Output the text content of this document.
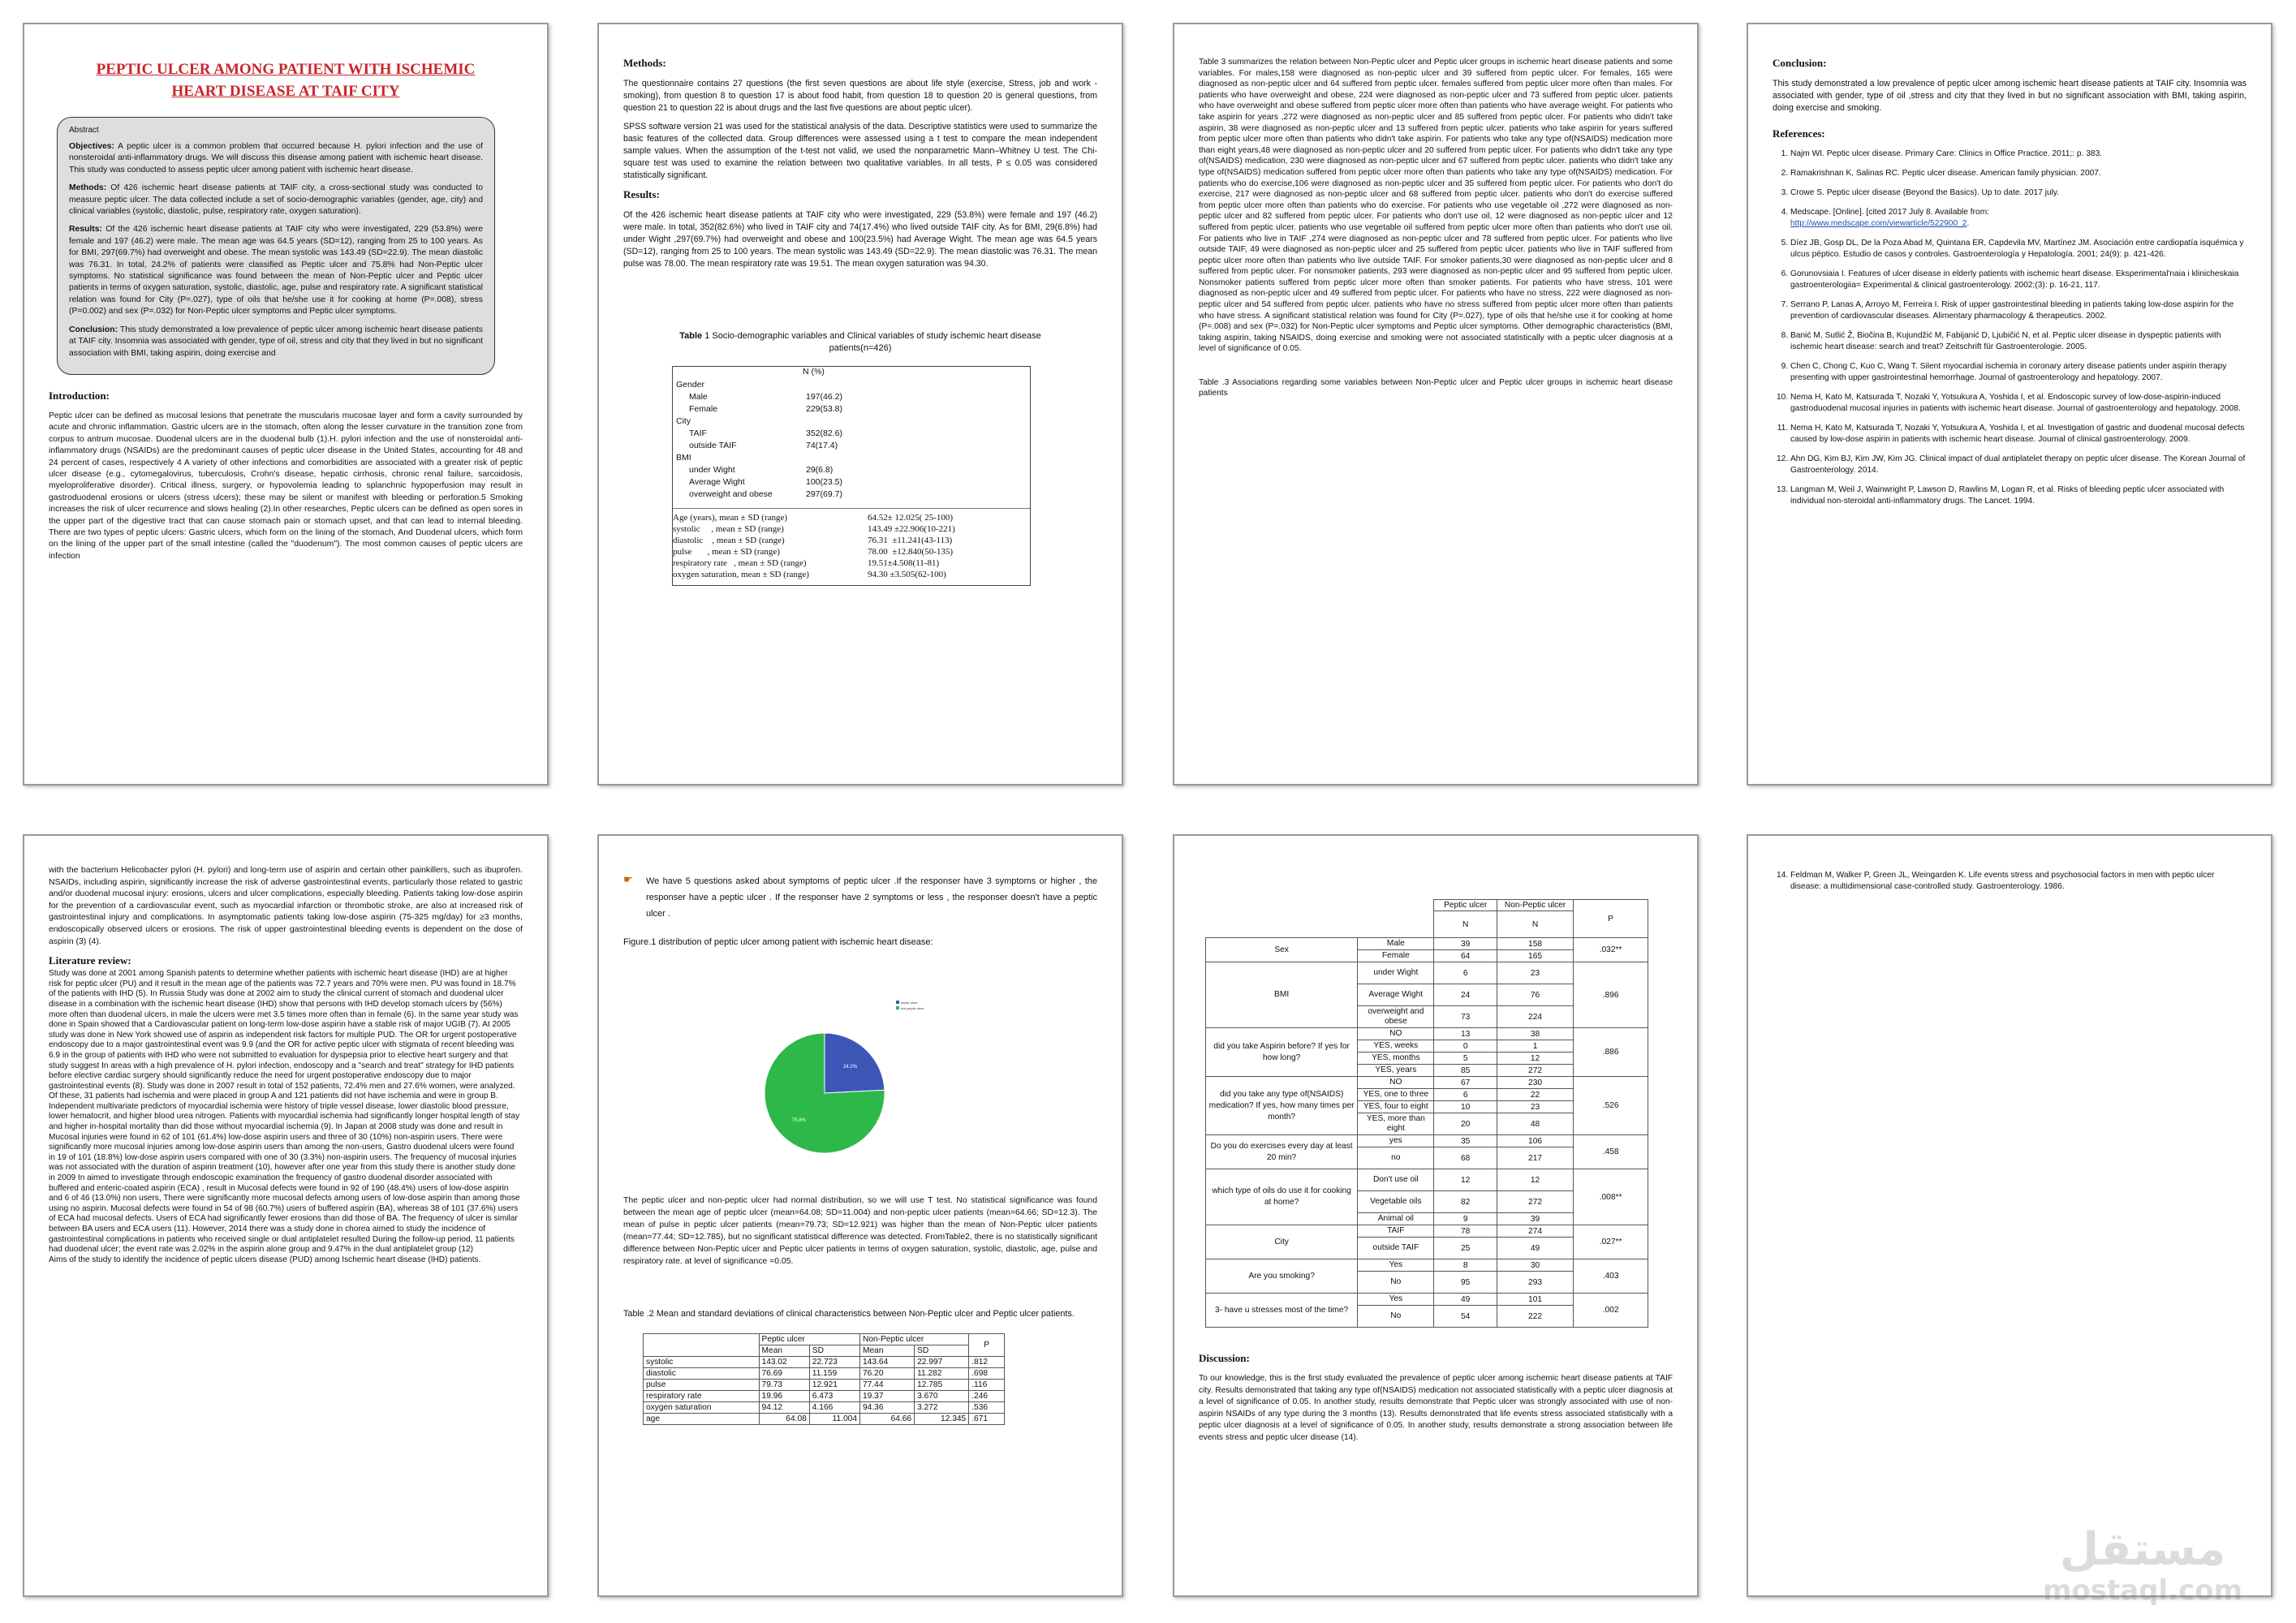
PEPTIC ULCER AMONG PATIENT WITH ISCHEMIC
HEART DISEASE AT TAIF CITY
Abstract

Objectives: A peptic ulcer is a common problem that occurred because H. pylori infection and the use of nonsteroidal anti-inflammatory drugs. We will discuss this disease among patient with ischemic heart disease. This study was conducted to assess peptic ulcer among patient with ischemic heart disease.

Methods: Of 426 ischemic heart disease patients at TAIF city, a cross-sectional study was conducted to measure peptic ulcer. The data collected include a set of socio-demographic variables (gender, age, city) and clinical variables (systolic, diastolic, pulse, respiratory rate, oxygen saturation).

Results: Of the 426 ischemic heart disease patients at TAIF city who were investigated, 229 (53.8%) were female and 197 (46.2) were male. The mean age was 64.5 years (SD=12), ranging from 25 to 100 years. As for BMI, 297(69.7%) had overweight and obese. The mean systolic was 143.49 (SD=22.9). The mean diastolic was 76.31. In total, 24.2% of patients were classified as Peptic ulcer and 75.8% had Non-Peptic ulcer symptoms. No statistical significance was found between the mean of Non-Peptic ulcer and Peptic ulcer patients in terms of oxygen saturation, systolic, diastolic, age, pulse and respiratory rate. A significant statistical relation was found for City (P=.027), type of oils that he/she use it for cooking at home (P=.008), stress (P=0.002) and sex (P=.032) for Non-Peptic ulcer symptoms and Peptic ulcer symptoms.

Conclusion: This study demonstrated a low prevalence of peptic ulcer among ischemic heart disease patients at TAIF city. Insomnia was associated with gender, type of oil, stress and city that they lived in but no significant association with BMI, taking aspirin, doing exercise and

Introduction:

Peptic ulcer can be defined as mucosal lesions that penetrate the muscularis mucosae layer and form a cavity surrounded by acute and chronic inflammation. Gastric ulcers are in the stomach, often along the lesser curvature in the transition zone from corpus to antrum mucosae. Duodenal ulcers are in the duodenal bulb (1).H. pylori infection and the use of nonsteroidal anti-inflammatory drugs (NSAIDs) are the predominant causes of peptic ulcer disease in the United States, accounting for 48 and 24 percent of cases, respectively 4 A variety of other infections and comorbidities are associated with a greater risk of peptic ulcer disease (e.g., cytomegalovirus, tuberculosis, Crohn's disease, hepatic cirrhosis, chronic renal failure, sarcoidosis, myeloproliferative disorder). Critical illness, surgery, or hypovolemia leading to splanchnic hypoperfusion may result in gastroduodenal erosions or ulcers (stress ulcers); these may be silent or manifest with bleeding or perforation.5 Smoking increases the risk of ulcer recurrence and slows healing (2).In other researches, Peptic ulcers can be defined as open sores in the upper part of the digestive tract that can cause stomach pain or stomach upset, and that can lead to internal bleeding. There are two types of peptic ulcers: Gastric ulcers, which form on the lining of the stomach, And Duodenal ulcers, which form on the lining of the upper part of the small intestine (called the "duodenum"). The most common causes of peptic ulcers are infection

Methods:

The questionnaire contains 27 questions (the first seven questions are about life style (exercise, Stress, job and work -smoking), from question 8 to question 17 is about food habit, from question 18 to question 20 is general questions, from question 21 to question 22 is about drugs and the last five questions are about peptic ulcer).

SPSS software version 21 was used for the statistical analysis of the data. Descriptive statistics were used to summarize the basic features of the collected data. Group differences were assessed using a t test to compare the mean independent sample values. When the assumption of the t-test not valid, we used the nonparametric Mann–Whitney U test. The Chi-square test was used to examine the relation between two qualitative variables. In all tests, P ≤ 0.05 was considered statistically significant.

Results:

Of the 426 ischemic heart disease patients at TAIF city who were investigated, 229 (53.8%) were female and 197 (46.2) were male. In total, 352(82.6%) who lived in TAIF city and 74(17.4%) who lived outside TAIF city. As for BMI, 29(6.8%) had under Wight ,297(69.7%) had overweight and obese and 100(23.5%) had Average Wight. The mean age was 64.5 years (SD=12), ranging from 25 to 100 years. The mean systolic was 143.49 (SD=22.9). The mean diastolic was 76.31. The mean pulse was 78.00. The mean respiratory rate was 19.51. The mean oxygen saturation was 94.30.

Table 1 Socio-demographic variables and Clinical variables of study ischemic heart disease patients(n=426)

N (%)
Gender
Male	197(46.2)
Female	229(53.8)
City
TAIF	352(82.6)
outside TAIF	74(17.4)
BMI
under Wight	29(6.8)
Average Wight	100(23.5)
overweight and obese	297(69.7)
Age (years), mean ± SD (range)	64.52± 12.025( 25-100)
systolic     , mean ± SD (range)	143.49 ±22.906(10-221)
diastolic    , mean ± SD (range)	76.31  ±11.241(43-113)
pulse       , mean ± SD (range)	78.00  ±12.840(50-135)
respiratory rate   , mean ± SD (range)	19.51±4.508(11-81)
oxygen saturation, mean ± SD (range)	94.30 ±3.505(62-100)

Table 3 summarizes the relation between Non-Peptic ulcer and Peptic ulcer groups in ischemic heart disease patients and some variables. For males,158 were diagnosed as non-peptic ulcer and 39 suffered from peptic ulcer. For females, 165 were diagnosed as non-peptic ulcer and 64 suffered from peptic ulcer. females suffered from peptic ulcer more often than males. For patients who have overweight and obese, 224 were diagnosed as non-peptic ulcer and 73 suffered from peptic ulcer. patients who have overweight and obese suffered from peptic ulcer more often than patients who have average weight. For patients who take aspirin for years ,272 were diagnosed as non-peptic ulcer and 85 suffered from peptic ulcer. For patients who didn't take aspirin, 38 were diagnosed as non-peptic ulcer and 13 suffered from peptic ulcer. patients who take aspirin for years suffered from peptic ulcer more often than patients who didn't take aspirin. For patients who take any type of(NSAIDS) medication more than eight years,48 were diagnosed as non-peptic ulcer and 20 suffered from peptic ulcer. For patients who didn't take any type of(NSAIDS) medication, 230 were diagnosed as non-peptic ulcer and 67 suffered from peptic ulcer. patients who didn't take any type of(NSAIDS) medication suffered from peptic ulcer more often than patients who take any type of(NSAIDS) medication. For patients who do exercise,106 were diagnosed as non-peptic ulcer and 35 suffered from peptic ulcer. For patients who don't do exercise, 217 were diagnosed as non-peptic ulcer and 68 suffered from peptic ulcer. patients who don't do exercise suffered from peptic ulcer more often than patients who do exercise. For patients who use vegetable oil ,272 were diagnosed as non-peptic ulcer and 82 suffered from peptic ulcer. For patients who don't use oil, 12 were diagnosed as non-peptic ulcer and 12 suffered from peptic ulcer. patients who use vegetable oil suffered from peptic ulcer more often than patients who don't use oil. For patients who live in TAIF ,274 were diagnosed as non-peptic ulcer and 78 suffered from peptic ulcer. For patients who live outside TAIF, 49 were diagnosed as non-peptic ulcer and 25 suffered from peptic ulcer. patients who live in TAIF suffered from peptic ulcer more often than patients who live outside TAIF. For smoker patients,30 were diagnosed as non-peptic ulcer and 8 suffered from peptic ulcer. For nonsmoker patients, 293 were diagnosed as non-peptic ulcer and 95 suffered from peptic ulcer. Nonsmoker patients suffered from peptic ulcer more often than smoker patients. For patients who have stress, 101 were diagnosed as non-peptic ulcer and 49 suffered from peptic ulcer. For patients who have no stress, 222 were diagnosed as non-peptic ulcer and 54 suffered from peptic ulcer. patients who have no stress suffered from peptic ulcer more often than patients who have stress. A significant statistical relation was found for City (P=.027), type of oils that he/she use it for cooking at home (P=.008) and sex (P=.032) for Non-Peptic ulcer symptoms and Peptic ulcer symptoms. Other demographic characteristics (BMI, taking aspirin, taking NSAIDS, doing exercise and smoking were not associated statistically with a peptic ulcer diagnosis at a level of significance of 0.05.

Table .3 Associations regarding some variables between Non-Peptic ulcer and Peptic ulcer groups in ischemic heart disease patients

Conclusion:

This study demonstrated a low prevalence of peptic ulcer among ischemic heart disease patients at TAIF city. Insomnia was associated with gender, type of oil ,stress and city that they lived in but no significant association with BMI, taking aspirin, doing exercise and smoking.

References:
1. Najm WI. Peptic ulcer disease. Primary Care: Clinics in Office Practice. 2011;: p. 383.
2. Ramakrishnan K, Salinas RC. Peptic ulcer disease. American family physician. 2007.
3. Crowe S. Peptic ulcer disease (Beyond the Basics). Up to date. 2017 july.
4. Medscape. [Online]. [cited 2017 July 8. Available from:
http://www.medscape.com/viewarticle/522900_2.
5. Díez JB, Gosp DL, De la Poza Abad M, Quintana ER, Capdevila MV, Martínez JM. Asociación entre cardiopatía isquémica y ulcus péptico. Estudio de casos y controles. Gastroenterología y Hepatología. 2001; 24(9): p. 421-426.
6. Gorunovsiaia I. Features of ulcer disease in elderly patients with ischemic heart disease. Eksperimental'naia i klinicheskaia gastroenterologiia= Experimental & clinical gastroenterology. 2002;(3): p. 16-21, 117.
7. Serrano P, Lanas A, Arroyo M, Ferreira I. Risk of upper gastrointestinal bleeding in patients taking low-dose aspirin for the prevention of cardiovascular diseases. Alimentary pharmacology & therapeutics. 2002.
8. Banić M, Sutlić Ž, Biočina B, Kujundžić M, Fabijanić D, Ljubičić N, et al. Peptic ulcer disease in dyspeptic patients with ischemic heart disease: search and treat? Zeitschrift für Gastroenterologie. 2005.
9. Chen C, Chong C, Kuo C, Wang T. Silent myocardial ischemia in coronary artery disease patients under aspirin therapy presenting with upper gastrointestinal hemorrhage. Journal of gastroenterology and hepatology. 2007.
10. Nema H, Kato M, Katsurada T, Nozaki Y, Yotsukura A, Yoshida I, et al. Endoscopic survey of low-dose-aspirin-induced gastroduodenal mucosal injuries in patients with ischemic heart disease. Journal of gastroenterology and hepatology. 2008.
11. Nema H, Kato M, Katsurada T, Nozaki Y, Yotsukura A, Yoshida I, et al. Investigation of gastric and duodenal mucosal defects caused by low-dose aspirin in patients with ischemic heart disease. Journal of clinical gastroenterology. 2009.
12. Ahn DG, Kim BJ, Kim JW, Kim JG. Clinical impact of dual antiplatelet therapy on peptic ulcer disease. The Korean Journal of Gastroenterology. 2014.
13. Langman M, Weil J, Wainwright P, Lawson D, Rawlins M, Logan R, et al. Risks of bleeding peptic ulcer associated with individual non-steroidal anti-inflammatory drugs. The Lancet. 1994.

with the bacterium Helicobacter pylori (H. pylori) and long-term use of aspirin and certain other painkillers, such as ibuprofen. NSAIDs, including aspirin, significantly increase the risk of adverse gastrointestinal events, particularly those related to gastric and/or duodenal mucosal injury: erosions, ulcers and ulcer complications, especially bleeding. Patients taking low-dose aspirin for the prevention of a cardiovascular event, such as myocardial infarction or thrombotic stroke, are also at increased risk of gastrointestinal injury and complications. In asymptomatic patients taking low-dose aspirin (75-325 mg/day) for ≥3 months, endoscopically observed ulcers or erosions. The risk of upper gastrointestinal bleeding events is dependent on the dose of aspirin (3) (4).

Literature review:

Study was done at 2001 among Spanish patents to determine whether patients with ischemic heart disease (IHD) are at higher risk for peptic ulcer (PU) and it result in the mean age of the patients was 72.7 years and 70% were men. PU was found in 18.7% of the patients with IHD (5). In Russia Study was done at 2002 aim to study the clinical current of stomach and duodenal ulcer disease in a combination with the ischemic heart disease (IHD) show that persons with IHD develop stomach ulcers by (56%) more often than duodenal ulcers, in male the ulcers were met 3.5 times more often than in female (6). In the same year study was done in Spain showed that a Cardiovascular patient on long-term low-dose aspirin have a stable risk of major UGIB (7). At 2005 study was done in New York showed use of aspirin as independent risk factors for multiple PUD. The OR for urgent postoperative endoscopy due to a major gastrointestinal event was 9.9 (and the OR for active peptic ulcer with stigmata of recent bleeding was 6.9 in the group of patients with IHD who were not submitted to evaluation for dyspepsia prior to elective heart surgery and that study suggest In areas with a high prevalence of H. pylori infection, endoscopy and a "search and treat" strategy for IHD patients before elective cardiac surgery should significantly reduce the need for urgent postoperative endoscopy due to major gastrointestinal events (8). Study was done in 2007 result in total of 152 patients, 72.4% men and 27.6% women, were analyzed. Of these, 31 patients had ischemia and were placed in group A and 121 patients did not have ischemia and were in group B. Independent multivariate predictors of myocardial ischemia were history of triple vessel disease, lower diastolic blood pressure, lower hematocrit, and higher blood urea nitrogen. Patients with myocardial ischemia had significantly longer hospital length of stay and higher in-hospital mortality than did those without myocardial ischemia (9). In Japan at 2008 study was done and result in Mucosal injuries were found in 62 of 101 (61.4%) low-dose aspirin users and three of 30 (10%) non-aspirin users. There were significantly more mucosal injuries among low-dose aspirin users than among the non-users, Gastro duodenal ulcers were found in 19 of 101 (18.8%) low-dose aspirin users compared with one of 30 (3.3%) non-aspirin users. The frequency of mucosal injuries was not associated with the duration of aspirin treatment (10), however after one year from this study there is another study done in 2009 In aimed to investigate through endoscopic examination the frequency of gastro duodenal disorder associated with buffered and enteric-coated aspirin (ECA) , result in Mucosal defects were found in 92 of 190 (48.4%) users of low-dose aspirin and 6 of 46 (13.0%) non users, There were significantly more mucosal defects among users of low-dose aspirin than among those using no aspirin. Mucosal defects were found in 54 of 98 (60.7%) users of buffered aspirin (BA), whereas 38 of 101 (37.6%) users of ECA had mucosal defects. Users of ECA had significantly fewer erosions than did those of BA. The frequency of ulcer is similar between BA users and ECA users (11). However, 2014 there was a study done in chorea aimed to study the incidence of gastrointestinal complications in patients who received single or dual antiplatelet resulted During the follow-up period, 11 patients had duodenal ulcer; the event rate was 2.02% in the aspirin alone group and 9.47% in the dual antiplatelet group (12)

Aims of the study to identify the incidence of peptic ulcers disease (PUD) among Ischemic heart disease (IHD) patients.

☛	We have 5 questions asked about symptoms of peptic ulcer .If the responser have 3 symptoms or higher , the responser have a peptic ulcer . If the responser have 2 symptoms or less , the responser doesn't have a peptic ulcer .

Figure.1 distribution of peptic ulcer among patient with ischemic heart disease:

24.2%
75.8%
peptic ulcer
non-peptic ulcer

The peptic ulcer and non-peptic ulcer had normal distribution, so we will use T test. No statistical significance was found between the mean age of peptic ulcer (mean=64.08; SD=11.004) and non-peptic ulcer patients (mean=64.66; SD=12.3). The mean of pulse in peptic ulcer patients (mean=79.73; SD=12.921) was higher than the mean of Non-Peptic ulcer patients (mean=77.44; SD=12.785), but no significant statistical difference was detected. FromTable2, there is no statistically significant difference between Non-Peptic ulcer and Peptic ulcer patients in terms of oxygen saturation, systolic, diastolic, age, pulse and respiratory rate. at level of significance =0.05.

Table .2 Mean and standard deviations of clinical characteristics between Non-Peptic ulcer and Peptic ulcer patients.

	Peptic ulcer		Non-Peptic ulcer		P
	Mean	SD	Mean	SD	
systolic	143.02	22.723	143.64	22.997	.812
diastolic	76.69	11.159	76.20	11.282	.698
pulse	79.73	12.921	77.44	12.785	.116
respiratory rate	19.96	6.473	19.37	3.670	.246
oxygen saturation	94.12	4.166	94.36	3.272	.536
age	64.08	11.004	64.66	12.345	.671
		Peptic ulcer	Non-Peptic ulcer	P
		N	N	
Sex	Male	39	158	.032**
	Female	64	165	
BMI	under Wight	6	23	.896
	Average Wight	24	76	
	overweight and obese	73	224	
did you take Aspirin before? If yes for how long?	NO	13	38	.886
	YES, weeks	0	1	
	YES, months	5	12	
	YES, years	85	272	
did you take any type of(NSAIDS) medication? If yes, how many times per month?	NO	67	230	.526
	YES, one to three	6	22	
	YES, four to eight	10	23	
	YES, more than eight	20	48	
Do you do exercises every day at least 20 min?	yes	35	106	.458
	no	68	217	
which type of oils do use it for cooking at home?	Don't use oil	12	12	.008**
	Vegetable oils	82	272	
	Animal oil	9	39	
City	TAIF	78	274	.027**
	outside TAIF	25	49	
Are you smoking?	Yes	8	30	.403
	No	95	293	
3- have u stresses most of the time?	Yes	49	101	.002
	No	54	222	
Discussion:

To our knowledge, this is the first study evaluated the prevalence of peptic ulcer among ischemic heart disease patients at TAIF city. Results demonstrated that taking any type of(NSAIDS) medication not associated statistically with a peptic ulcer diagnosis at a level of significance of 0.05. In another study, results demonstrate that Peptic ulcer was strongly associated with use of non-aspirin NSAIDs of any type during the 3 months (13). Results demonstrated that life events stress associated statistically with a peptic ulcer diagnosis at a level of significance of 0.05. In another study, results demonstrate a strong association between life events stress and peptic ulcer disease (14).

14. Feldman M, Walker P, Green JL, Weingarden K. Life events stress and psychosocial factors in men with peptic ulcer disease: a multidimensional case-controlled study. Gastroenterology. 1986.
مستقل
mostaql.com
